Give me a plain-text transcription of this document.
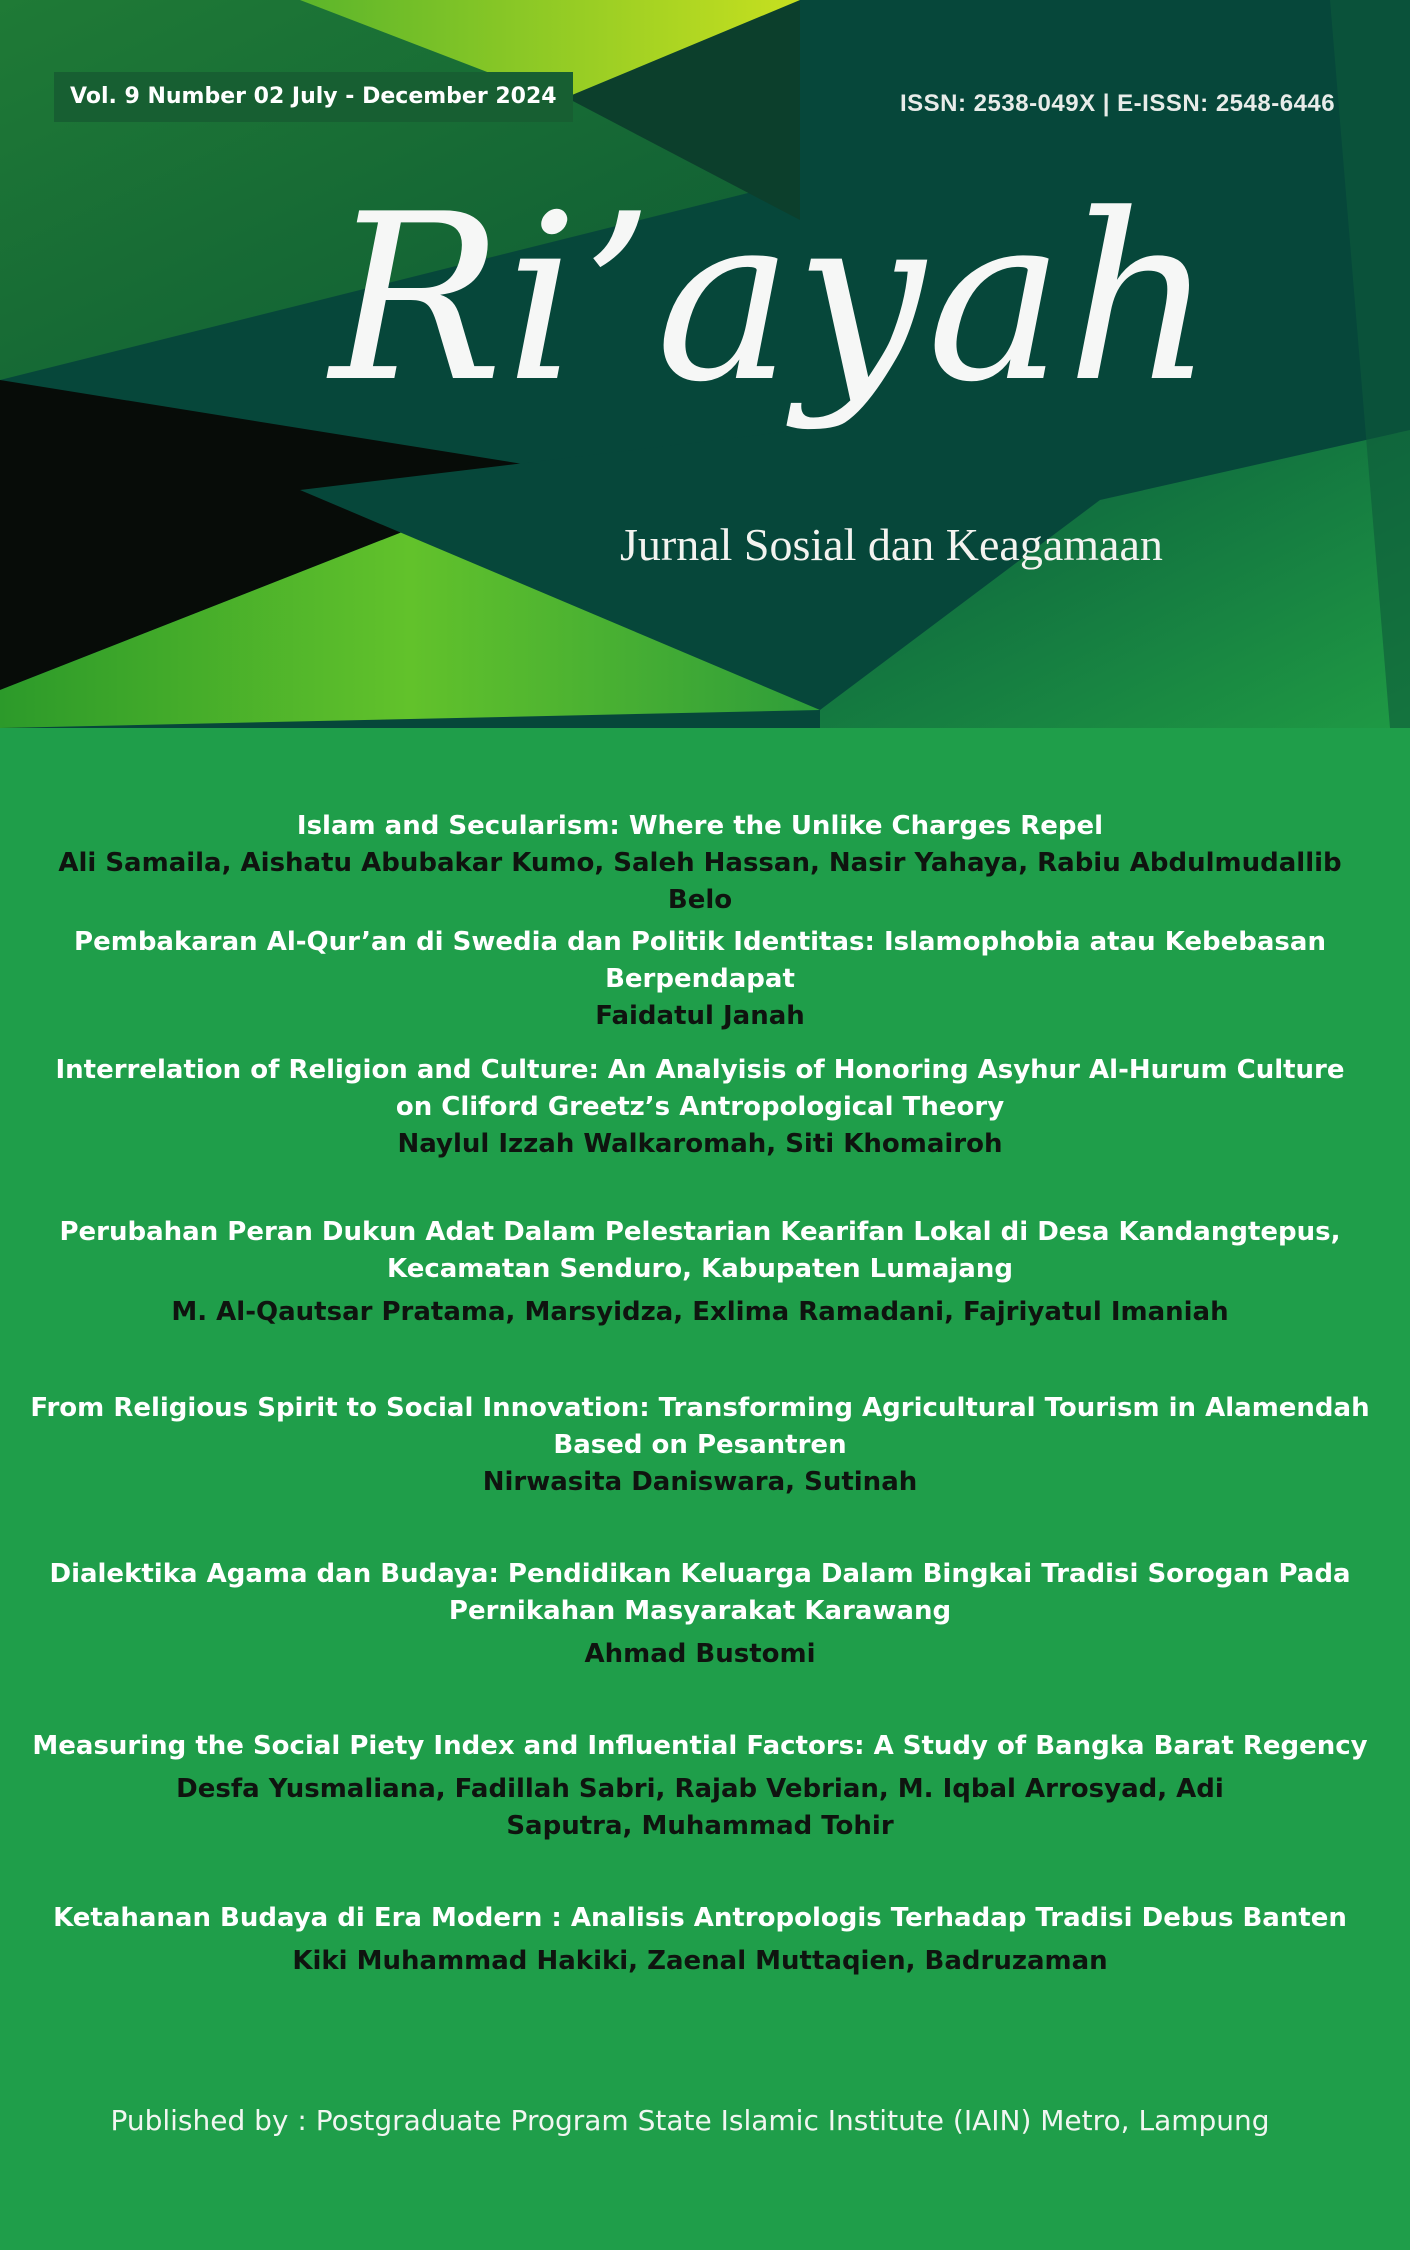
Vol. 9 Number 02 July - December 2024	ISSN: 2538-049X | E-ISSN: 2548-6446
Ri’ayah
Jurnal Sosial dan Keagamaan
Islam and Secularism: Where the Unlike Charges Repel
Ali Samaila, Aishatu Abubakar Kumo, Saleh Hassan, Nasir Yahaya, Rabiu Abdulmudallib Belo
Pembakaran Al-Qur’an di Swedia dan Politik Identitas: Islamophobia atau Kebebasan Berpendapat
Faidatul Janah
Interrelation of Religion and Culture: An Analyisis of Honoring Asyhur Al-Hurum Culture
on Cliford Greetz’s Antropological Theory
Naylul Izzah Walkaromah, Siti Khomairoh
Perubahan Peran Dukun Adat Dalam Pelestarian Kearifan Lokal di Desa Kandangtepus,
Kecamatan Senduro, Kabupaten Lumajang
M. Al-Qautsar Pratama, Marsyidza, Exlima Ramadani, Fajriyatul Imaniah
From Religious Spirit to Social Innovation: Transforming Agricultural Tourism in Alamendah
Based on Pesantren
Nirwasita Daniswara, Sutinah
Dialektika Agama dan Budaya: Pendidikan Keluarga Dalam Bingkai Tradisi Sorogan Pada
Pernikahan Masyarakat Karawang
Ahmad Bustomi
Measuring the Social Piety Index and Influential Factors: A Study of Bangka Barat Regency
Desfa Yusmaliana, Fadillah Sabri, Rajab Vebrian, M. Iqbal Arrosyad, Adi
Saputra, Muhammad Tohir
Ketahanan Budaya di Era Modern : Analisis Antropologis Terhadap Tradisi Debus Banten
Kiki Muhammad Hakiki, Zaenal Muttaqien, Badruzaman
Published by : Postgraduate Program State Islamic Institute (IAIN) Metro, Lampung
